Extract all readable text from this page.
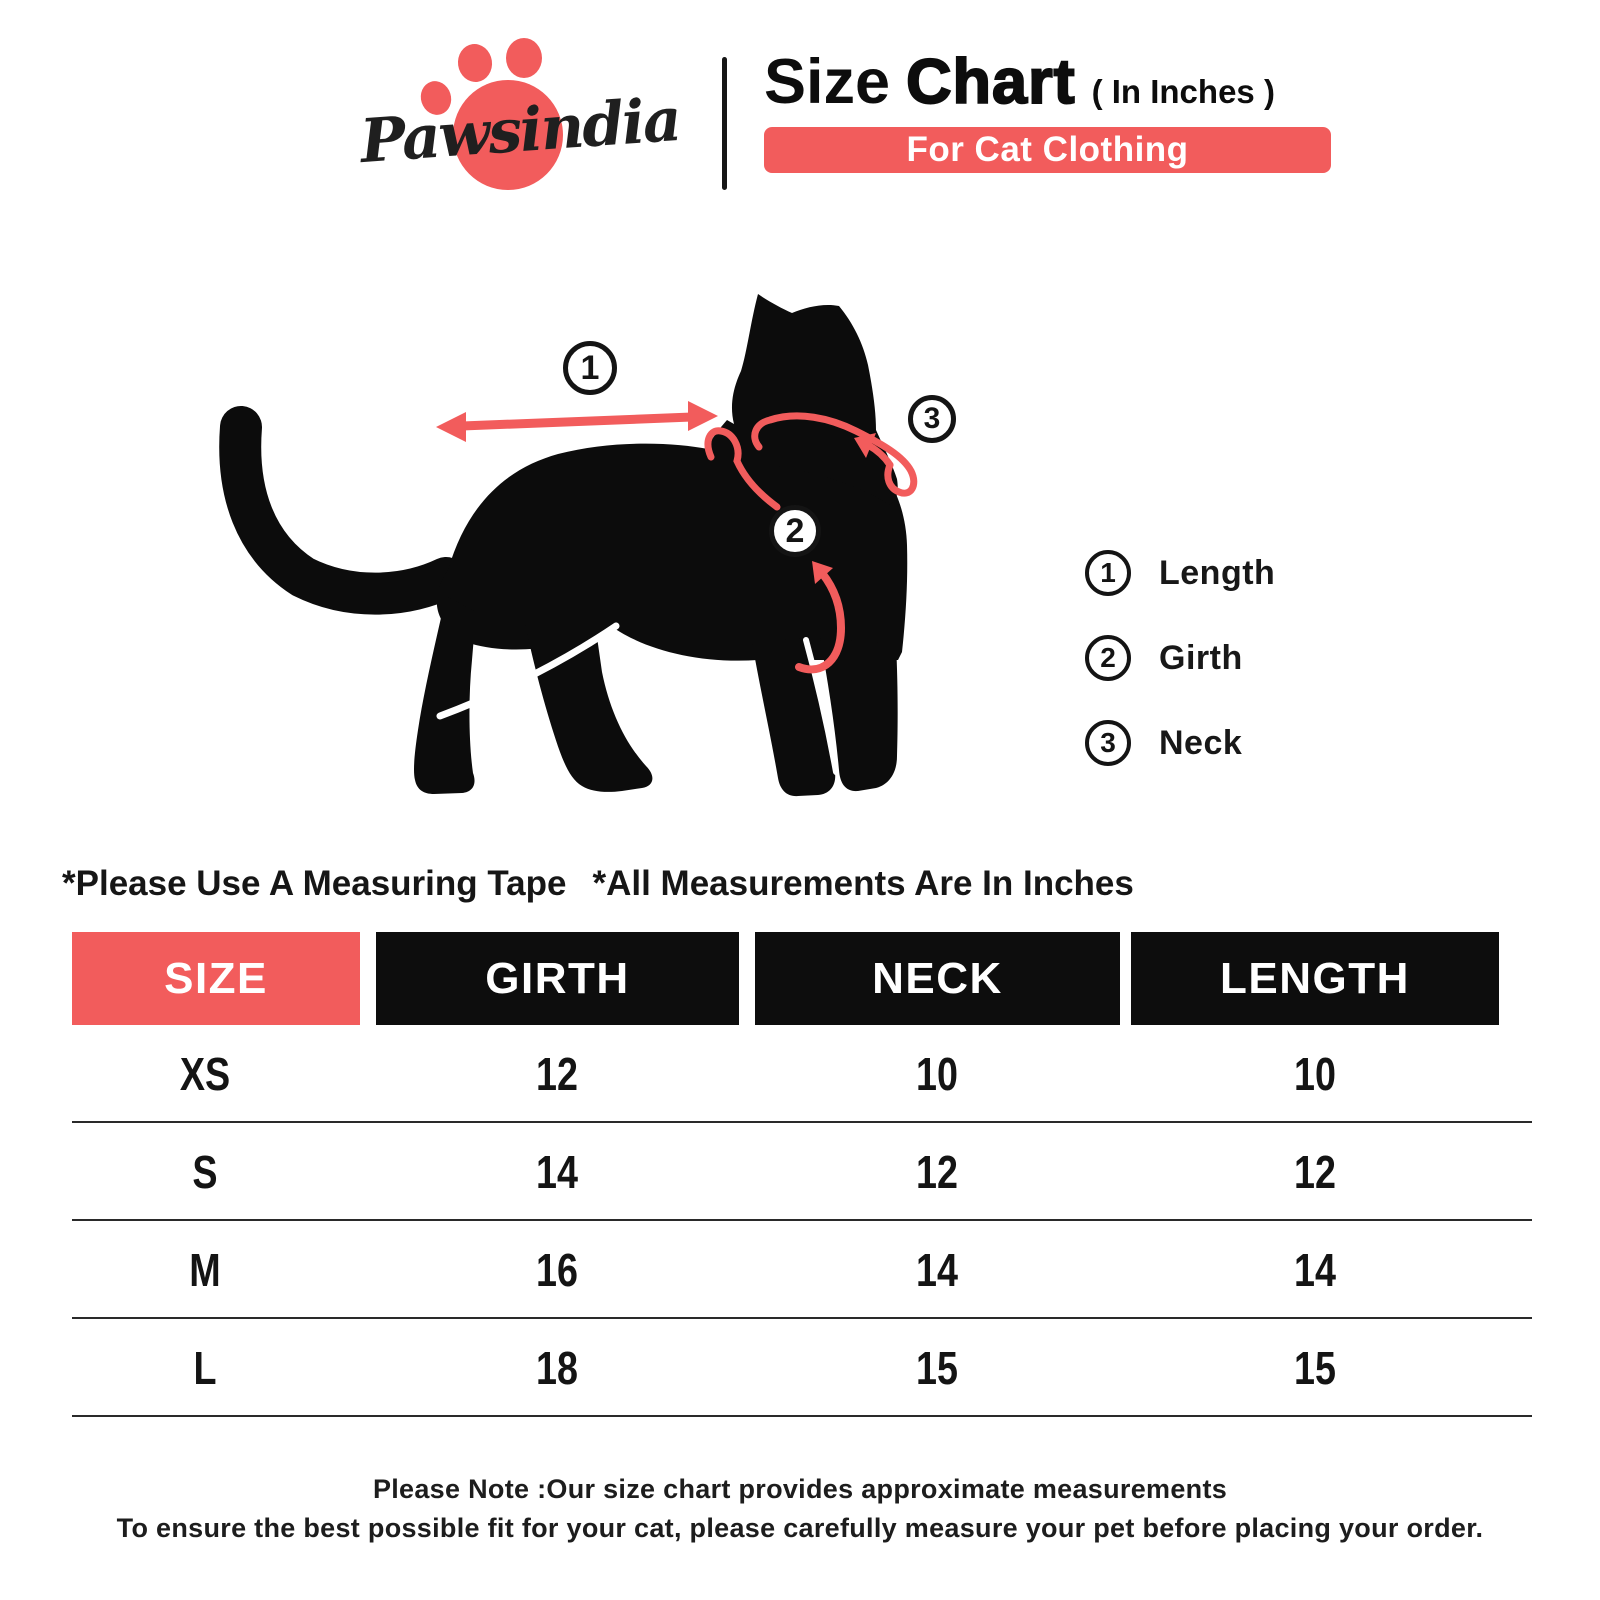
Pawsindia
Size Chart ( In Inches )
For Cat Clothing
1
2
3
1	Length
2	Girth
3	Neck
*Please Use A Measuring Tape *All Measurements Are In Inches
SIZE	GIRTH	NECK	LENGTH
XS	12	10	10
S	14	12	12
M	16	14	14
L	18	15	15
Please Note :Our size chart provides approximate measurements
To ensure the best possible fit for your cat, please carefully measure your pet before placing your order.
